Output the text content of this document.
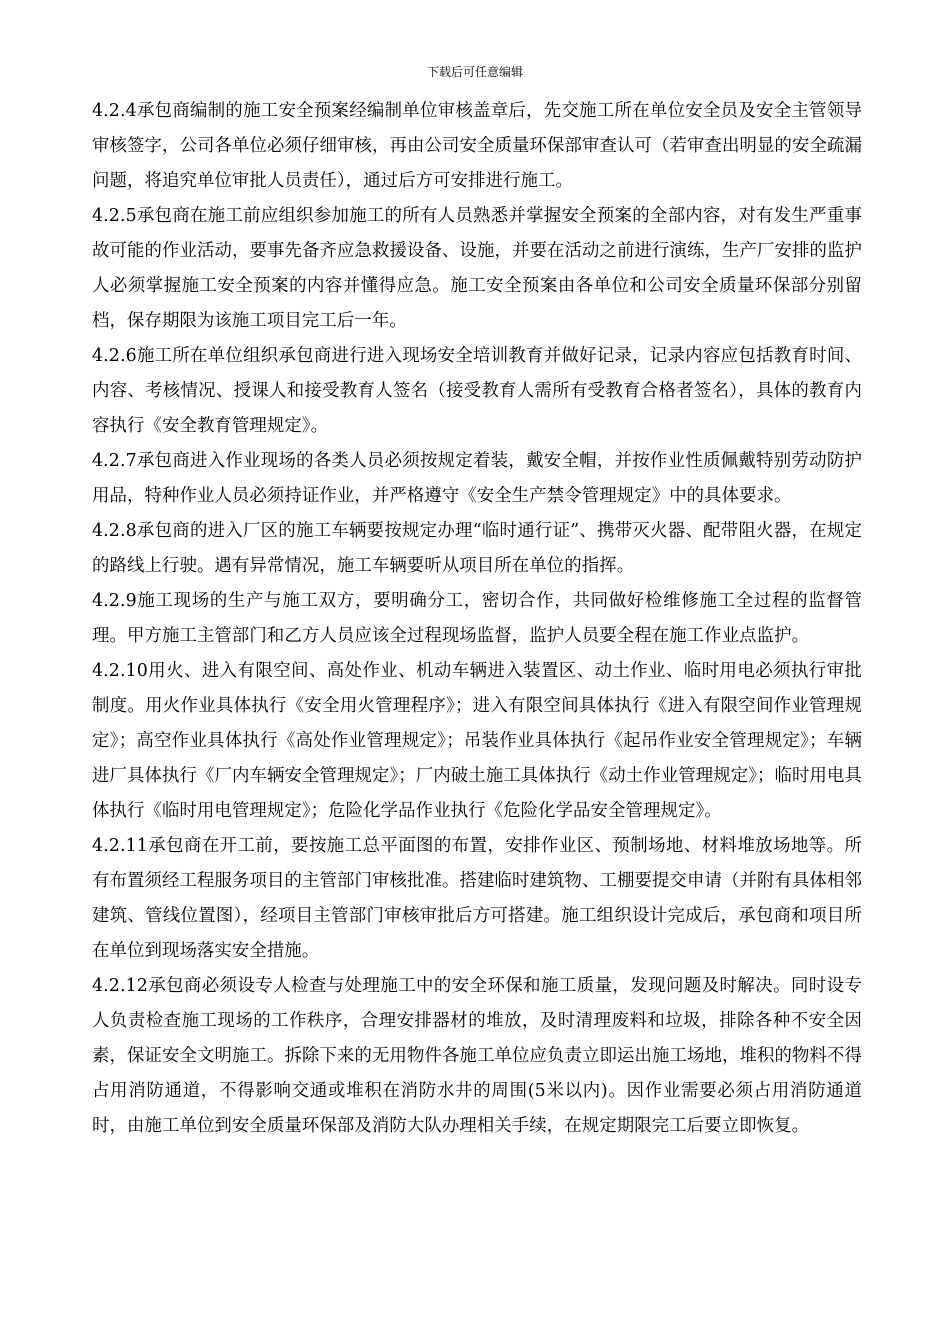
下载后可任意编辑

4.2.4承包商编制的施工安全预案经编制单位审核盖章后，先交施工所在单位安全员及安全主管领导审核签字，公司各单位必须仔细审核，再由公司安全质量环保部审查认可（若审查出明显的安全疏漏问题，将追究单位审批人员责任），通过后方可安排进行施工。

4.2.5承包商在施工前应组织参加施工的所有人员熟悉并掌握安全预案的全部内容，对有发生严重事故可能的作业活动，要事先备齐应急救援设备、设施，并要在活动之前进行演练，生产厂安排的监护人必须掌握施工安全预案的内容并懂得应急。施工安全预案由各单位和公司安全质量环保部分别留档，保存期限为该施工项目完工后一年。

4.2.6施工所在单位组织承包商进行进入现场安全培训教育并做好记录，记录内容应包括教育时间、内容、考核情况、授课人和接受教育人签名（接受教育人需所有受教育合格者签名），具体的教育内容执行《安全教育管理规定》。

4.2.7承包商进入作业现场的各类人员必须按规定着装，戴安全帽，并按作业性质佩戴特别劳动防护用品，特种作业人员必须持证作业，并严格遵守《安全生产禁令管理规定》中的具体要求。

4.2.8承包商的进入厂区的施工车辆要按规定办理“临时通行证”、携带灭火器、配带阻火器，在规定的路线上行驶。遇有异常情况，施工车辆要听从项目所在单位的指挥。

4.2.9施工现场的生产与施工双方，要明确分工，密切合作，共同做好检维修施工全过程的监督管理。甲方施工主管部门和乙方人员应该全过程现场监督，监护人员要全程在施工作业点监护。

4.2.10用火、进入有限空间、高处作业、机动车辆进入装置区、动土作业、临时用电必须执行审批制度。用火作业具体执行《安全用火管理程序》；进入有限空间具体执行《进入有限空间作业管理规定》；高空作业具体执行《高处作业管理规定》；吊装作业具体执行《起吊作业安全管理规定》；车辆进厂具体执行《厂内车辆安全管理规定》；厂内破土施工具体执行《动土作业管理规定》；临时用电具体执行《临时用电管理规定》；危险化学品作业执行《危险化学品安全管理规定》。

4.2.11承包商在开工前，要按施工总平面图的布置，安排作业区、预制场地、材料堆放场地等。所有布置须经工程服务项目的主管部门审核批准。搭建临时建筑物、工棚要提交申请（并附有具体相邻建筑、管线位置图），经项目主管部门审核审批后方可搭建。施工组织设计完成后，承包商和项目所在单位到现场落实安全措施。

4.2.12承包商必须设专人检查与处理施工中的安全环保和施工质量，发现问题及时解决。同时设专人负责检查施工现场的工作秩序，合理安排器材的堆放，及时清理废料和垃圾，排除各种不安全因素，保证安全文明施工。拆除下来的无用物件各施工单位应负责立即运出施工场地，堆积的物料不得占用消防通道，不得影响交通或堆积在消防水井的周围(5米以内)。因作业需要必须占用消防通道时，由施工单位到安全质量环保部及消防大队办理相关手续，在规定期限完工后要立即恢复。
